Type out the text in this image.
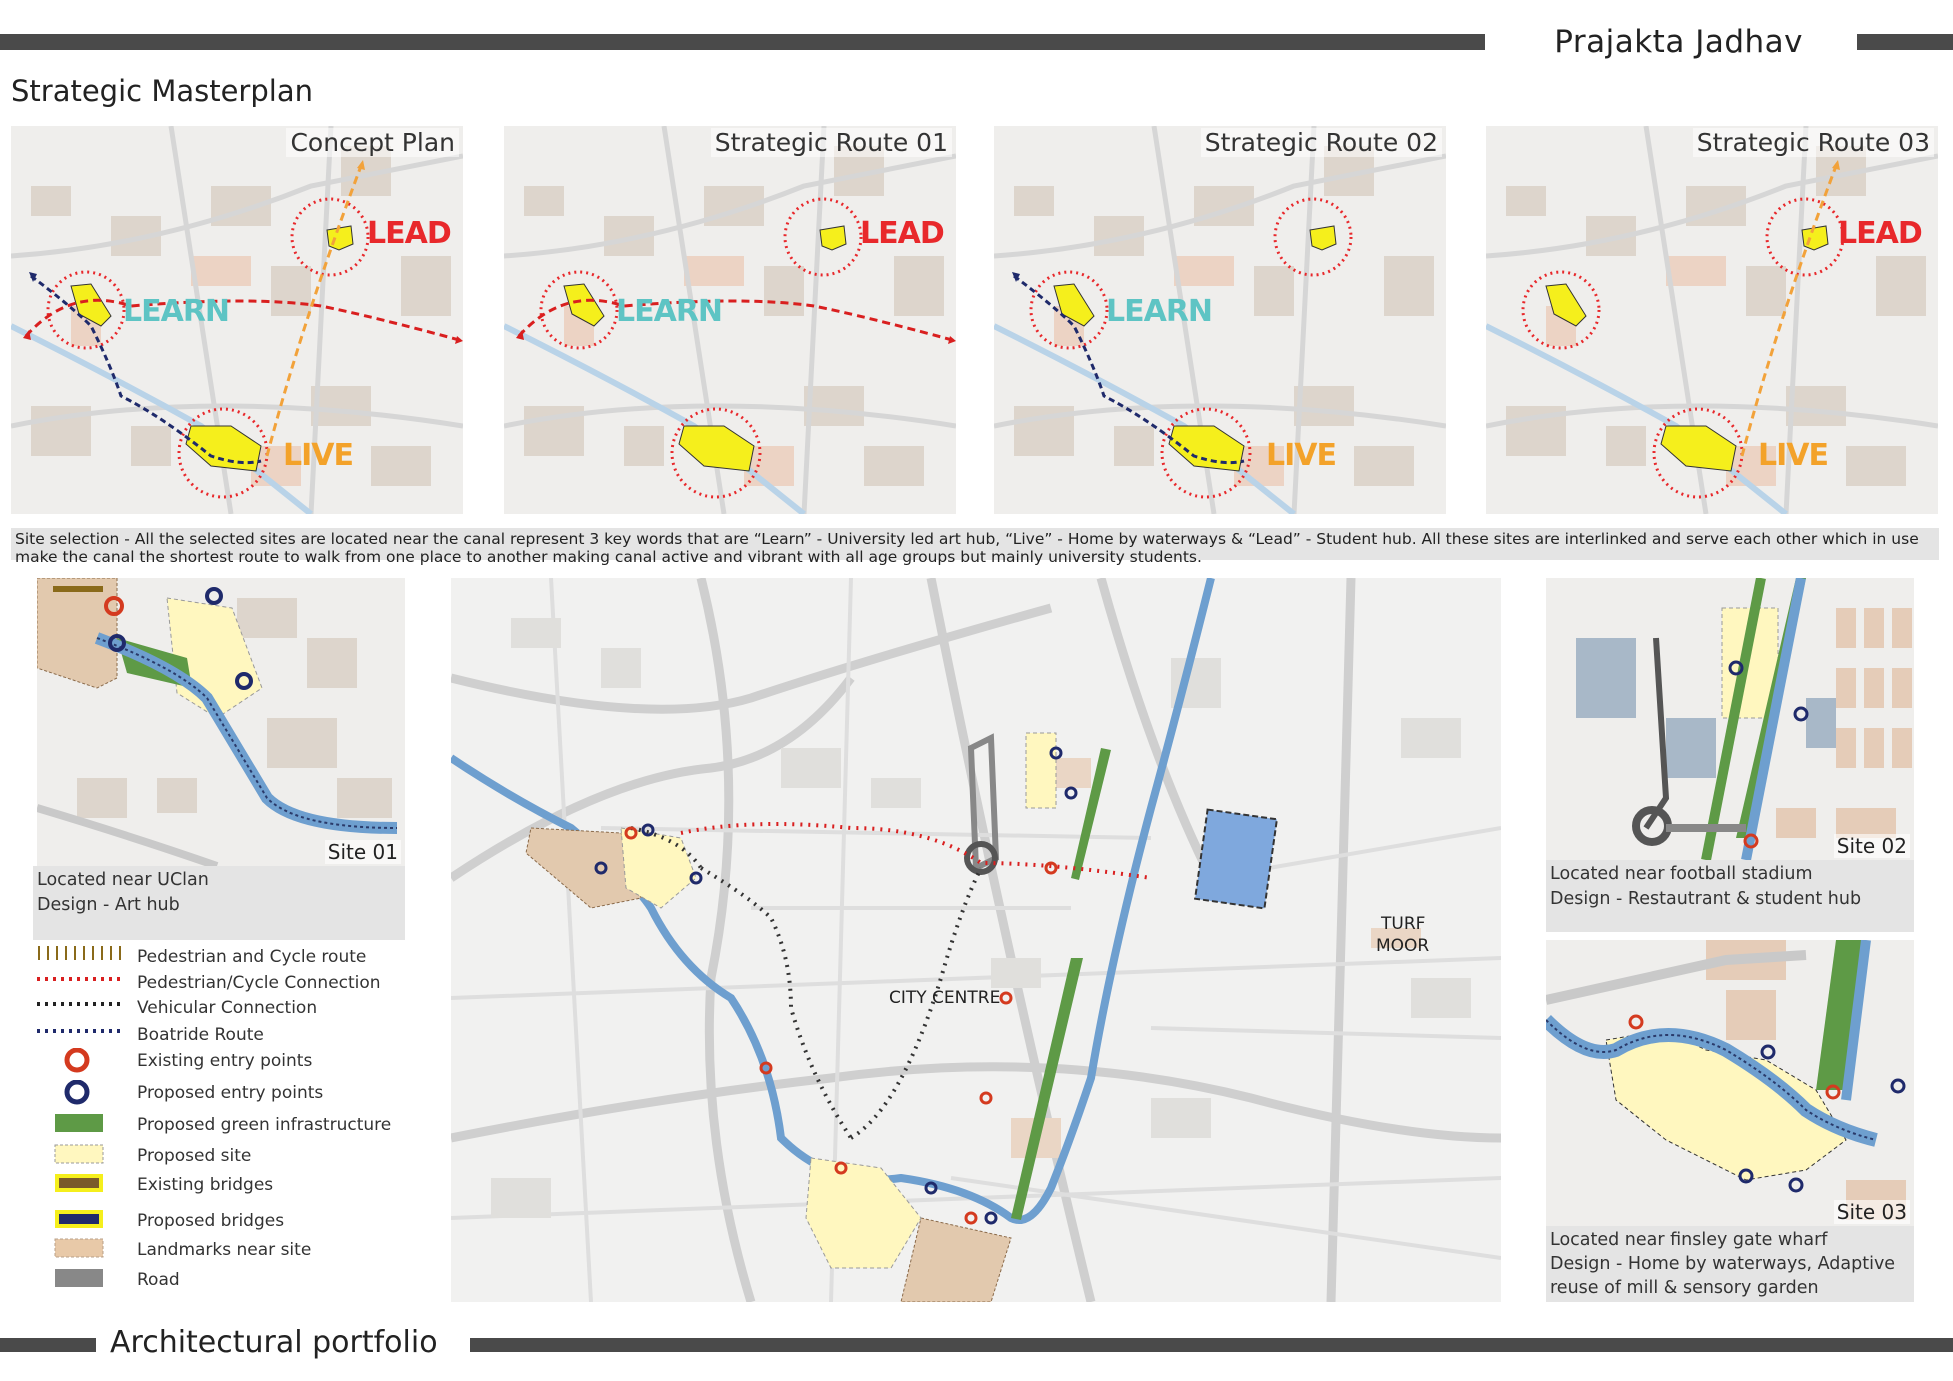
Prajakta Jadhav
Strategic Masterplan
Concept Plan
LEAD
LEARN
LIVE
Strategic Route 01
LEAD
LEARN
Strategic Route 02
LEARN
LIVE
Strategic Route 03
LEAD
LIVE
Site selection - All the selected sites are located near the canal represent 3 key words that are “Learn” - University led art hub, “Live” - Home by waterways & “Lead” - Student hub. All these sites are interlinked and serve each other which in use make the canal the shortest route to walk from one place to another making canal active and vibrant with all age groups but mainly university students.
Site 01
Located near UClan
Design - Art hub
Pedestrian and Cycle route
Pedestrian/Cycle Connection
Vehicular Connection
Boatride Route
Existing entry points
Proposed entry points
Proposed green infrastructure
Proposed site
Existing bridges
Proposed bridges
Landmarks near site
Road
CITY CENTRE
TURF
MOOR
Site 02
Located near football stadium
Design - Restautrant & student hub
Site 03
Located near finsley gate wharf
Design - Home by waterways, Adaptive
reuse of mill & sensory garden
Architectural portfolio
